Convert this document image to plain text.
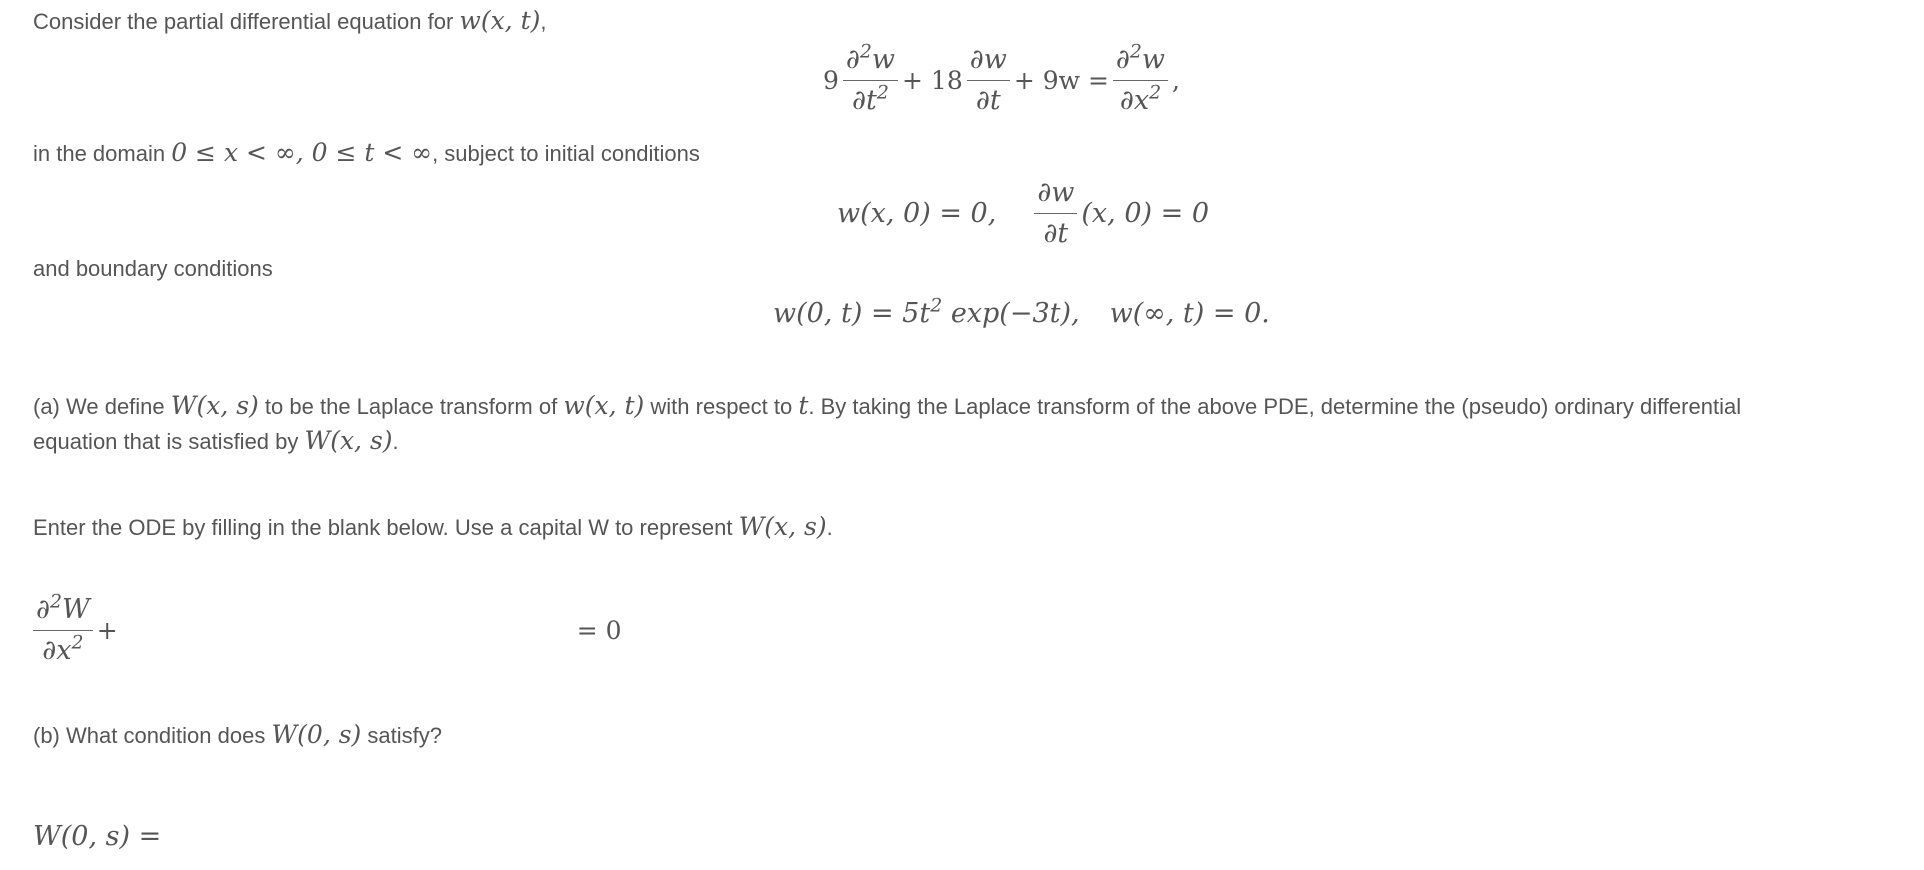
Consider the partial differential equation for w(x, t),
$9 \frac{\partial^2w}{\partial t^2} + 18 \frac{\partial w}{\partial t} + 9w = \frac{\partial^2w}{\partial x^2}$ ,
in the domain 0 ≤ x < ∞, 0 ≤ t < ∞, subject to initial conditions
w(x, 0) = 0, $\frac{\partial w}{\partial t} (x$, 0) = 0
and boundary conditions
w(0, $t) = 5t^2$ exp(−3t), w(∞, t) = 0.
(a) We define W(x, s) to be the Laplace transform of w(x, t) with respect to t. By taking the Laplace transform of the above PDE, determine the (pseudo) ordinary differential
equation that is satisfied by W(x, s).
Enter the ODE by filling in the blank below. Use a capital W to represent W(x, s).
$\frac{\partial^2W}{\partial x^2}$ +	= 0
(b) What condition does W(0, s) satisfy?
W(0, s) =
